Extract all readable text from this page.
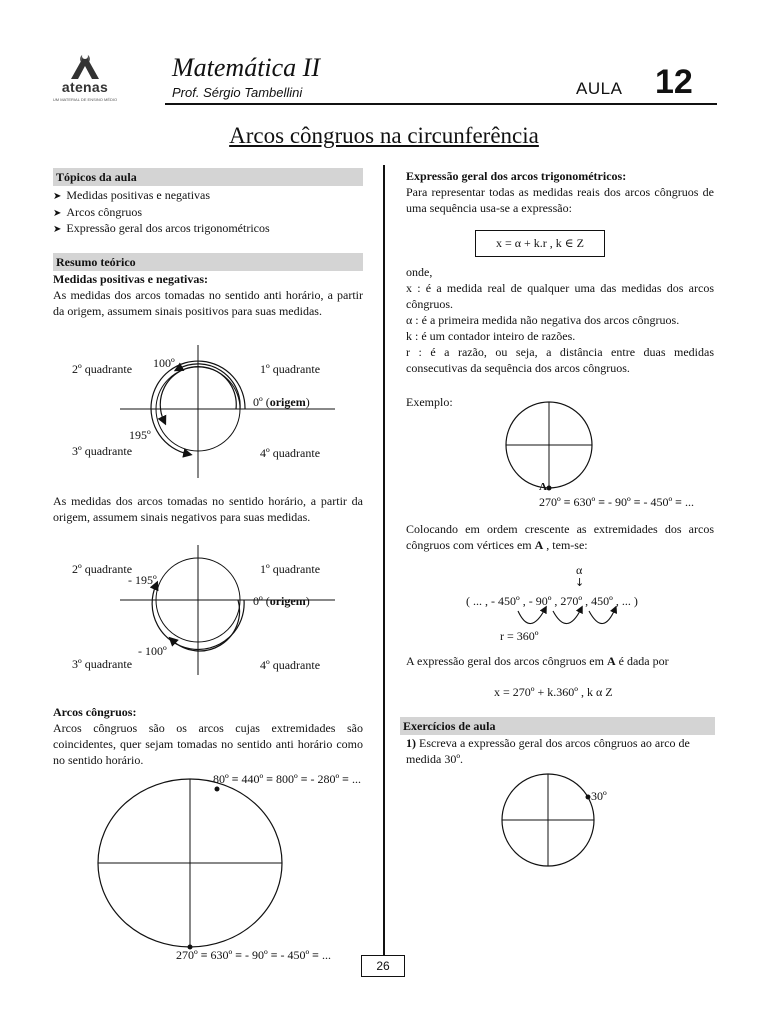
atenas
UM MATERIAL DE ENSINO MÉDIO
Matemática II
Prof. Sérgio Tambellini	AULA 12
Arcos côngruos na circunferência
Tópicos da aula
➤ Medidas positivas e negativas
➤ Arcos côngruos
➤ Expressão geral dos arcos trigonométricos
Resumo teórico
Medidas positivas e negativas:
As medidas dos arcos tomadas no sentido anti horário, a partir da origem, assumem sinais positivos para suas medidas.
2º quadrante 100º	1º quadrante
0º (origem)
195º
3º quadrante	4º quadrante
As medidas dos arcos tomadas no sentido horário, a partir da origem, assumem sinais negativos para suas medidas.
2º quadrante
- 195º
1º quadrante
0º (origem)
- 100º
3º quadrante	4º quadrante
Arcos côngruos:
Arcos côngruos são os arcos cujas extremidades são coincidentes, quer sejam tomadas no sentido anti horário como no sentido horário.
80º ≡ 440º ≡ 800º ≡ - 280º ≡ ...
270º ≡ 630º ≡ - 90º ≡ - 450º ≡ ...
Expressão geral dos arcos trigonométricos:
Para representar todas as medidas reais dos arcos côngruos de uma sequência usa-se a expressão:
x = α + k.r , k ∈ Z
onde,
x : é a medida real de qualquer uma das medidas dos arcos côngruos.
α : é a primeira medida não negativa dos arcos côngruos.
k : é um contador inteiro de razões.
r : é a razão, ou seja, a distância entre duas medidas consecutivas da sequência dos arcos côngruos.
Exemplo:
A
270º ≡ 630º ≡ - 90º ≡ - 450º ≡ ...
Colocando em ordem crescente as extremidades dos arcos côngruos com vértices em A , tem-se:
α
↓
( ... , - 450º , - 90º , 270º , 450º , ... )
r = 360º
A expressão geral dos arcos côngruos em A é dada por
x = 270º + k.360º , k α Z
Exercícios de aula
1) Escreva a expressão geral dos arcos côngruos ao arco de medida 30º.
30º
26
